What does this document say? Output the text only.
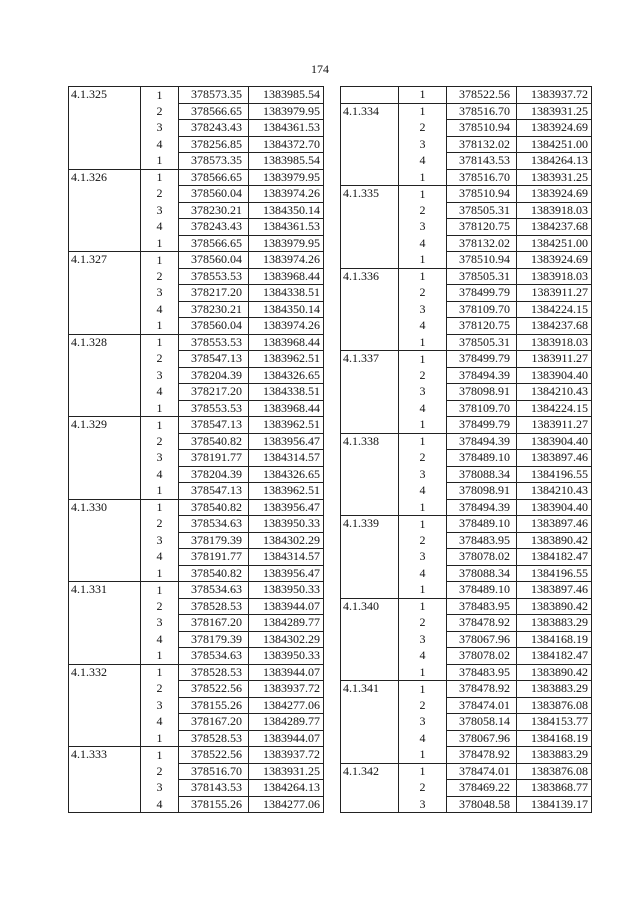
174
4.1.325	1	378573.35	1383985.54
	2	378566.65	1383979.95
	3	378243.43	1384361.53
	4	378256.85	1384372.70
	1	378573.35	1383985.54
4.1.326	1	378566.65	1383979.95
	2	378560.04	1383974.26
	3	378230.21	1384350.14
	4	378243.43	1384361.53
	1	378566.65	1383979.95
4.1.327	1	378560.04	1383974.26
	2	378553.53	1383968.44
	3	378217.20	1384338.51
	4	378230.21	1384350.14
	1	378560.04	1383974.26
4.1.328	1	378553.53	1383968.44
	2	378547.13	1383962.51
	3	378204.39	1384326.65
	4	378217.20	1384338.51
	1	378553.53	1383968.44
4.1.329	1	378547.13	1383962.51
	2	378540.82	1383956.47
	3	378191.77	1384314.57
	4	378204.39	1384326.65
	1	378547.13	1383962.51
4.1.330	1	378540.82	1383956.47
	2	378534.63	1383950.33
	3	378179.39	1384302.29
	4	378191.77	1384314.57
	1	378540.82	1383956.47
4.1.331	1	378534.63	1383950.33
	2	378528.53	1383944.07
	3	378167.20	1384289.77
	4	378179.39	1384302.29
	1	378534.63	1383950.33
4.1.332	1	378528.53	1383944.07
	2	378522.56	1383937.72
	3	378155.26	1384277.06
	4	378167.20	1384289.77
	1	378528.53	1383944.07
4.1.333	1	378522.56	1383937.72
	2	378516.70	1383931.25
	3	378143.53	1384264.13
	4	378155.26	1384277.06
	1	378522.56	1383937.72
4.1.334	1	378516.70	1383931.25
	2	378510.94	1383924.69
	3	378132.02	1384251.00
	4	378143.53	1384264.13
	1	378516.70	1383931.25
4.1.335	1	378510.94	1383924.69
	2	378505.31	1383918.03
	3	378120.75	1384237.68
	4	378132.02	1384251.00
	1	378510.94	1383924.69
4.1.336	1	378505.31	1383918.03
	2	378499.79	1383911.27
	3	378109.70	1384224.15
	4	378120.75	1384237.68
	1	378505.31	1383918.03
4.1.337	1	378499.79	1383911.27
	2	378494.39	1383904.40
	3	378098.91	1384210.43
	4	378109.70	1384224.15
	1	378499.79	1383911.27
4.1.338	1	378494.39	1383904.40
	2	378489.10	1383897.46
	3	378088.34	1384196.55
	4	378098.91	1384210.43
	1	378494.39	1383904.40
4.1.339	1	378489.10	1383897.46
	2	378483.95	1383890.42
	3	378078.02	1384182.47
	4	378088.34	1384196.55
	1	378489.10	1383897.46
4.1.340	1	378483.95	1383890.42
	2	378478.92	1383883.29
	3	378067.96	1384168.19
	4	378078.02	1384182.47
	1	378483.95	1383890.42
4.1.341	1	378478.92	1383883.29
	2	378474.01	1383876.08
	3	378058.14	1384153.77
	4	378067.96	1384168.19
	1	378478.92	1383883.29
4.1.342	1	378474.01	1383876.08
	2	378469.22	1383868.77
	3	378048.58	1384139.17
